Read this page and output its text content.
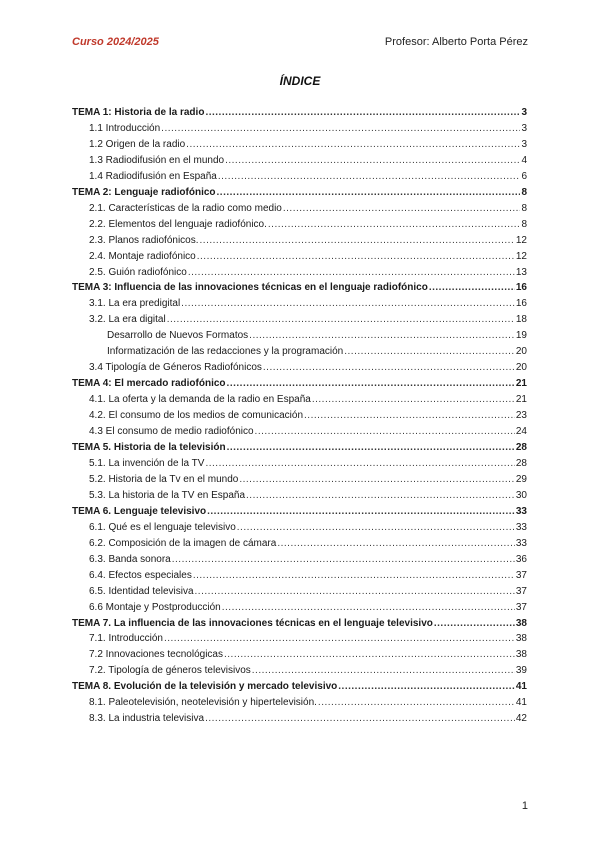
Curso 2024/2025	Profesor: Alberto Porta Pérez
ÍNDICE
TEMA 1: Historia de la radio .....	3
1.1 Introducción .....	3
1.2 Origen de la radio .....	3
1.3 Radiodifusión en el mundo .....	4
1.4 Radiodifusión en España .....	6
TEMA 2: Lenguaje radiofónico .....	8
2.1. Características de la radio como medio .....	8
2.2. Elementos del lenguaje radiofónico. .....	8
2.3. Planos radiofónicos. .....	12
2.4. Montaje radiofónico .....	12
2.5. Guión radiofónico .....	13
TEMA 3: Influencia de las innovaciones técnicas en el lenguaje radiofónico .....	16
3.1. La era predigital .....	16
3.2. La era digital .....	18
Desarrollo de Nuevos Formatos .....	19
Informatización de las redacciones y la programación .....	20
3.4 Tipología de Géneros Radiofónicos .....	20
TEMA 4: El mercado radiofónico .....	21
4.1. La oferta y la demanda de la radio en España .....	21
4.2. El consumo de los medios de comunicación .....	23
4.3 El consumo de medio radiofónico .....	24
TEMA 5. Historia de la televisión .....	28
5.1. La invención de la TV .....	28
5.2. Historia de la Tv en el mundo .....	29
5.3. La historia de la TV en España .....	30
TEMA 6. Lenguaje televisivo .....	33
6.1. Qué es el lenguaje televisivo .....	33
6.2. Composición de la imagen de cámara .....	33
6.3. Banda sonora .....	36
6.4. Efectos especiales .....	37
6.5. Identidad televisiva .....	37
6.6 Montaje y Postproducción .....	37
TEMA 7. La influencia de las innovaciones técnicas en el lenguaje televisivo .....	38
7.1. Introducción .....	38
7.2 Innovaciones tecnológicas .....	38
7.2. Tipología de géneros televisivos .....	39
TEMA 8. Evolución de la televisión y mercado televisivo .....	41
8.1. Paleotelevisión, neotelevisión y hipertelevisión. .....	41
8.3. La industria televisiva .....	42
1
